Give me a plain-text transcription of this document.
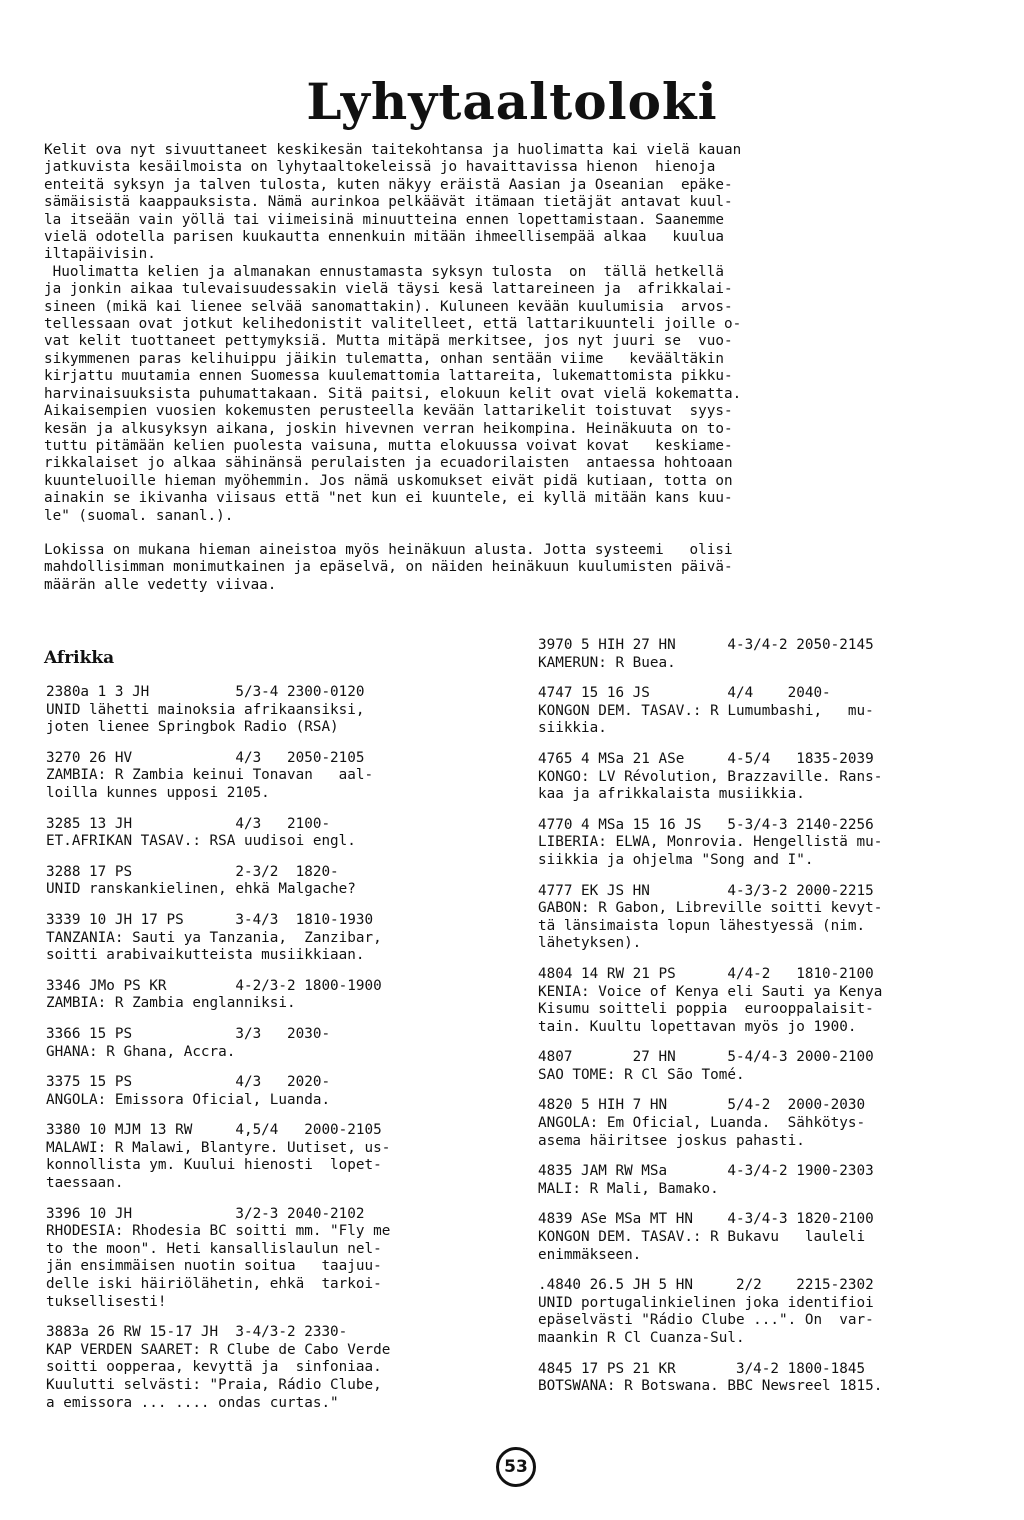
Lyhytaaltoloki

Kelit ova nyt sivuuttaneet keskikesän taitekohtansa ja huolimatta kai vielä kauan
jatkuvista kesäilmoista on lyhytaaltokeleissä jo havaittavissa hienon  hienoja
enteitä syksyn ja talven tulosta, kuten näkyy eräistä Aasian ja Oseanian  epäke-
sämäisistä kaappauksista. Nämä aurinkoa pelkäävät itämaan tietäjät antavat kuul-
la itseään vain yöllä tai viimeisinä minuutteina ennen lopettamistaan. Saanemme
vielä odotella parisen kuukautta ennenkuin mitään ihmeellisempää alkaa   kuulua
iltapäivisin.

Huolimatta kelien ja almanakan ennustamasta syksyn tulosta  on  tällä hetkellä
ja jonkin aikaa tulevaisuudessakin vielä täysi kesä lattareineen ja  afrikkalai-
sineen (mikä kai lienee selvää sanomattakin). Kuluneen kevään kuulumisia  arvos-
tellessaan ovat jotkut kelihedonistit valitelleet, että lattarikuunteli joille o-
vat kelit tuottaneet pettymyksiä. Mutta mitäpä merkitsee, jos nyt juuri se  vuo-
sikymmenen paras kelihuippu jäikin tulematta, onhan sentään viime   keväältäkin
kirjattu muutamia ennen Suomessa kuulemattomia lattareita, lukemattomista pikku-
harvinaisuuksista puhumattakaan. Sitä paitsi, elokuun kelit ovat vielä kokematta.
Aikaisempien vuosien kokemusten perusteella kevään lattarikelit toistuvat  syys-
kesän ja alkusyksyn aikana, joskin hivevnen verran heikompina. Heinäkuuta on to-
tuttu pitämään kelien puolesta vaisuna, mutta elokuussa voivat kovat   keskiame-
rikkalaiset jo alkaa sähinänsä perulaisten ja ecuadorilaisten  antaessa hohtoaan
kuunteluoille hieman myöhemmin. Jos nämä uskomukset eivät pidä kutiaan, totta on
ainakin se ikivanha viisaus että "net kun ei kuuntele, ei kyllä mitään kans kuu-
le" (suomal. sananl.).

Lokissa on mukana hieman aineistoa myös heinäkuun alusta. Jotta systeemi   olisi
mahdollisimman monimutkainen ja epäselvä, on näiden heinäkuun kuulumisten päivä-
määrän alle vedetty viivaa.

Afrikka
2380a 1 3 JH          5/3-4 2300-0120
UNID lähetti mainoksia afrikaansiksi,
joten lienee Springbok Radio (RSA)
3270 26 HV            4/3   2050-2105
ZAMBIA: R Zambia keinui Tonavan   aal-
loilla kunnes upposi 2105.
3285 13 JH            4/3   2100-
ET.AFRIKAN TASAV.: RSA uudisoi engl.
3288 17 PS            2-3/2  1820-
UNID ranskankielinen, ehkä Malgache?
3339 10 JH 17 PS      3-4/3  1810-1930
TANZANIA: Sauti ya Tanzania,  Zanzibar,
soitti arabivaikutteista musiikkiaan.
3346 JMo PS KR        4-2/3-2 1800-1900
ZAMBIA: R Zambia englanniksi.
3366 15 PS            3/3   2030-
GHANA: R Ghana, Accra.
3375 15 PS            4/3   2020-
ANGOLA: Emissora Oficial, Luanda.
3380 10 MJM 13 RW     4,5/4   2000-2105
MALAWI: R Malawi, Blantyre. Uutiset, us-
konnollista ym. Kuului hienosti  lopet-
taessaan.
3396 10 JH            3/2-3 2040-2102
RHODESIA: Rhodesia BC soitti mm. "Fly me
to the moon". Heti kansallislaulun nel-
jän ensimmäisen nuotin soitua   taajuu-
delle iski häiriölähetin, ehkä  tarkoi-
tuksellisesti!
3883a 26 RW 15-17 JH  3-4/3-2 2330-
KAP VERDEN SAARET: R Clube de Cabo Verde
soitti oopperaa, kevyttä ja  sinfoniaa.
Kuulutti selvästi: "Praia, Rádio Clube,
a emissora ... .... ondas curtas."
3970 5 HIH 27 HN      4-3/4-2 2050-2145
KAMERUN: R Buea.
4747 15 16 JS         4/4    2040-
KONGON DEM. TASAV.: R Lumumbashi,   mu-
siikkia.
4765 4 MSa 21 ASe     4-5/4   1835-2039
KONGO: LV Révolution, Brazzaville. Rans-
kaa ja afrikkalaista musiikkia.
4770 4 MSa 15 16 JS   5-3/4-3 2140-2256
LIBERIA: ELWA, Monrovia. Hengellistä mu-
siikkia ja ohjelma "Song and I".
4777 EK JS HN         4-3/3-2 2000-2215
GABON: R Gabon, Libreville soitti kevyt-
tä länsimaista lopun lähestyessä (nim.
lähetyksen).
4804 14 RW 21 PS      4/4-2   1810-2100
KENIA: Voice of Kenya eli Sauti ya Kenya
Kisumu soitteli poppia  eurooppalaisit-
tain. Kuultu lopettavan myös jo 1900.
4807       27 HN      5-4/4-3 2000-2100
SAO TOME: R Cl São Tomé.
4820 5 HIH 7 HN       5/4-2  2000-2030
ANGOLA: Em Oficial, Luanda.  Sähkötys-
asema häiritsee joskus pahasti.
4835 JAM RW MSa       4-3/4-2 1900-2303
MALI: R Mali, Bamako.
4839 ASe MSa MT HN    4-3/4-3 1820-2100
KONGON DEM. TASAV.: R Bukavu   lauleli
enimmäkseen.
.4840 26.5 JH 5 HN     2/2    2215-2302
UNID portugalinkielinen joka identifioi
epäselvästi "Rádio Clube ...". On  var-
maankin R Cl Cuanza-Sul.
4845 17 PS 21 KR       3/4-2 1800-1845
BOTSWANA: R Botswana. BBC Newsreel 1815.
53
